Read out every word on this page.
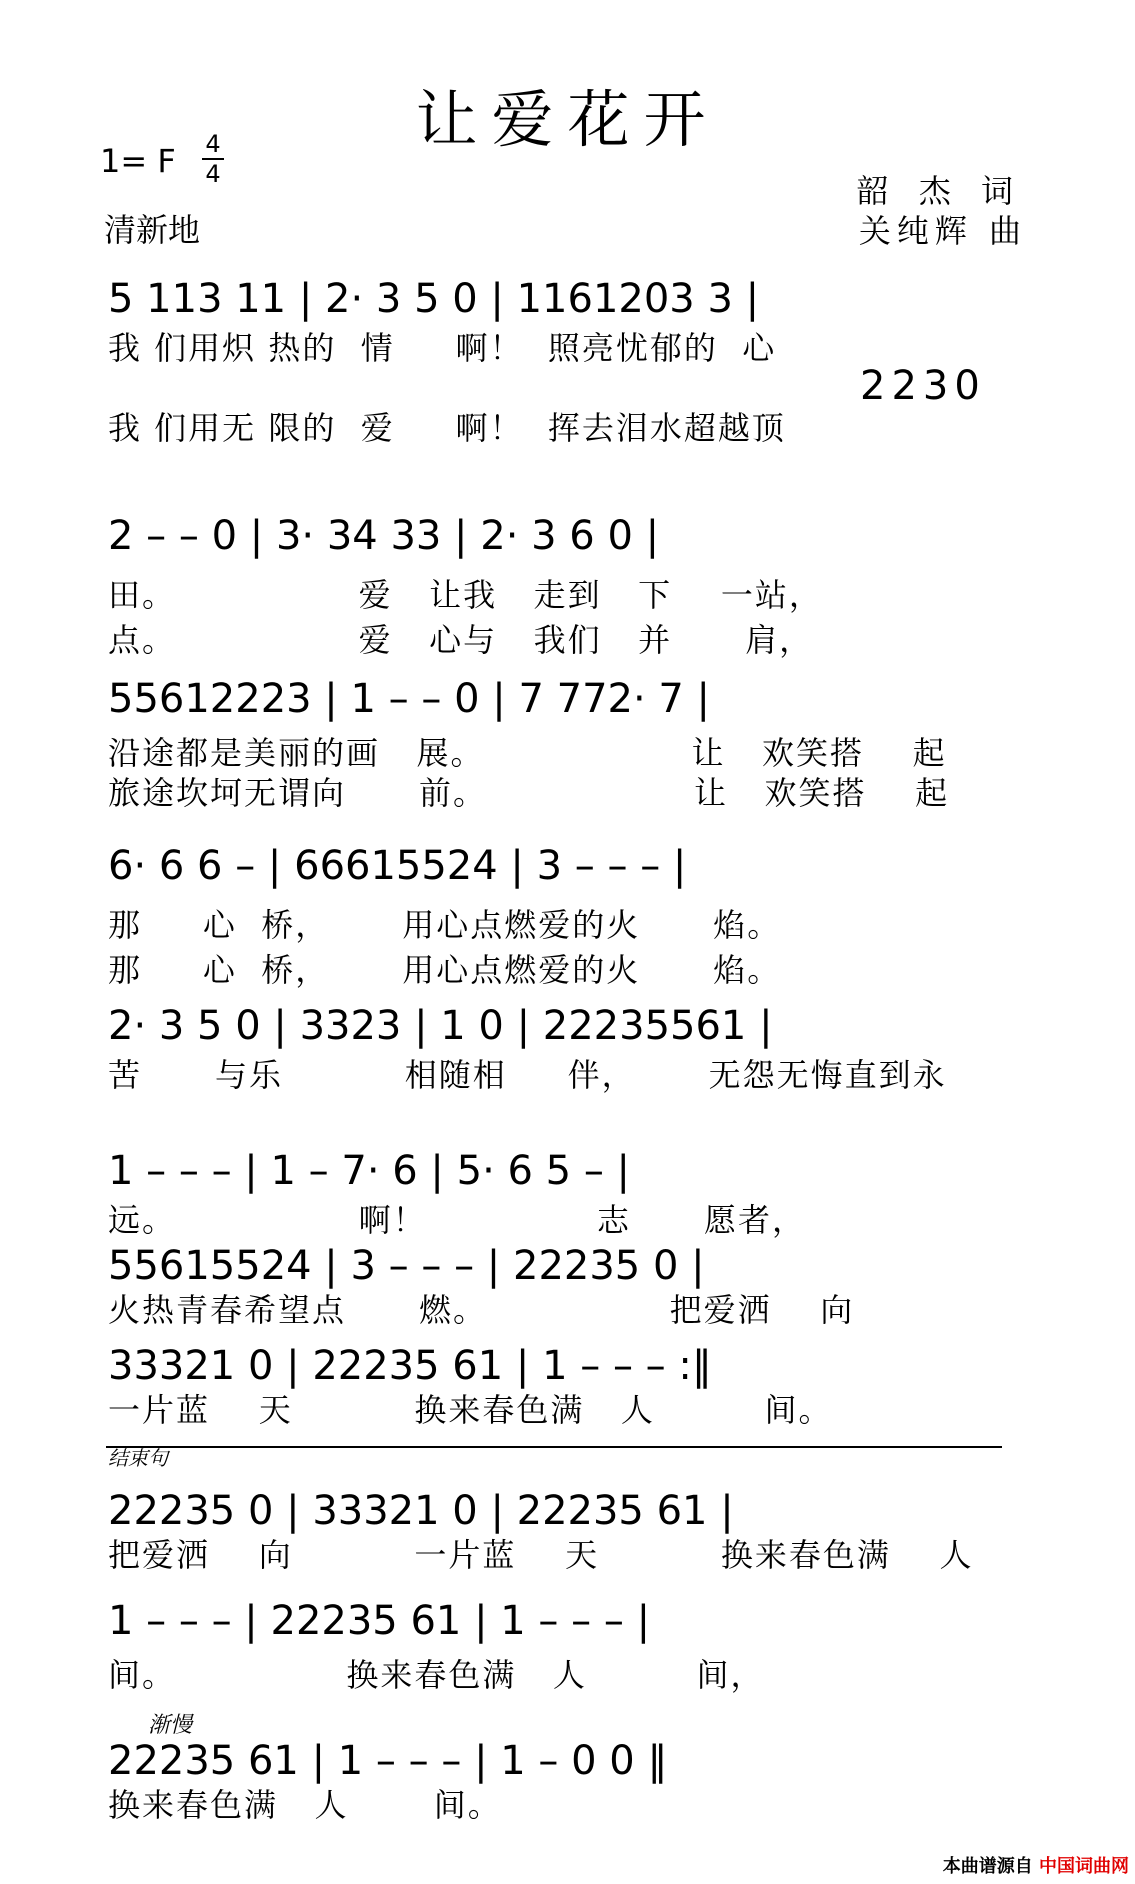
让爱花开
1= F	4
4
清新地
韶 杰 词
关纯辉 曲
5 113 11 | 2· 3 5 0 | 1161203 3 |
2230
我 们用炽 热的  情     啊！  照亮忧郁的  心
我 们用无 限的  爱     啊！  挥去泪水超越顶
2 – – 0 | 3· 34 33 | 2· 3 6 0 |
田。               爱   让我   走到   下    一站，
点。               爱   心与   我们   并      肩，
55612223 | 1 – – 0 | 7 772· 7 |
沿途都是美丽的画   展。                 让   欢笑搭    起
旅途坎坷无谓向      前。                 让   欢笑搭    起
6· 6 6 – | 66615524 | 3 – – – |
那     心  桥，      用心点燃爱的火      焰。
那     心  桥，      用心点燃爱的火      焰。
2· 3 5 0 | 3323 | 1 0 | 22235561 |
苦      与乐          相随相     伴，      无怨无悔直到永
1 – – – | 1 – 7· 6 | 5· 6 5 – |
远。               啊！              志      愿者，
55615524 | 3 – – – | 22235 0 |
火热青春希望点      燃。               把爱洒    向
33321 0 | 22235 61 | 1 – – – :‖
一片蓝    天          换来春色满   人         间。
22235 0 | 33321 0 | 22235 61 |
把爱洒    向          一片蓝    天          换来春色满    人
1 – – – | 22235 61 | 1 – – – |
间。              换来春色满   人         间，
22235 61 | 1 – – – | 1 – 0 0 ‖
换来春色满   人       间。
结束句
渐慢
本曲谱源自 中国词曲网
